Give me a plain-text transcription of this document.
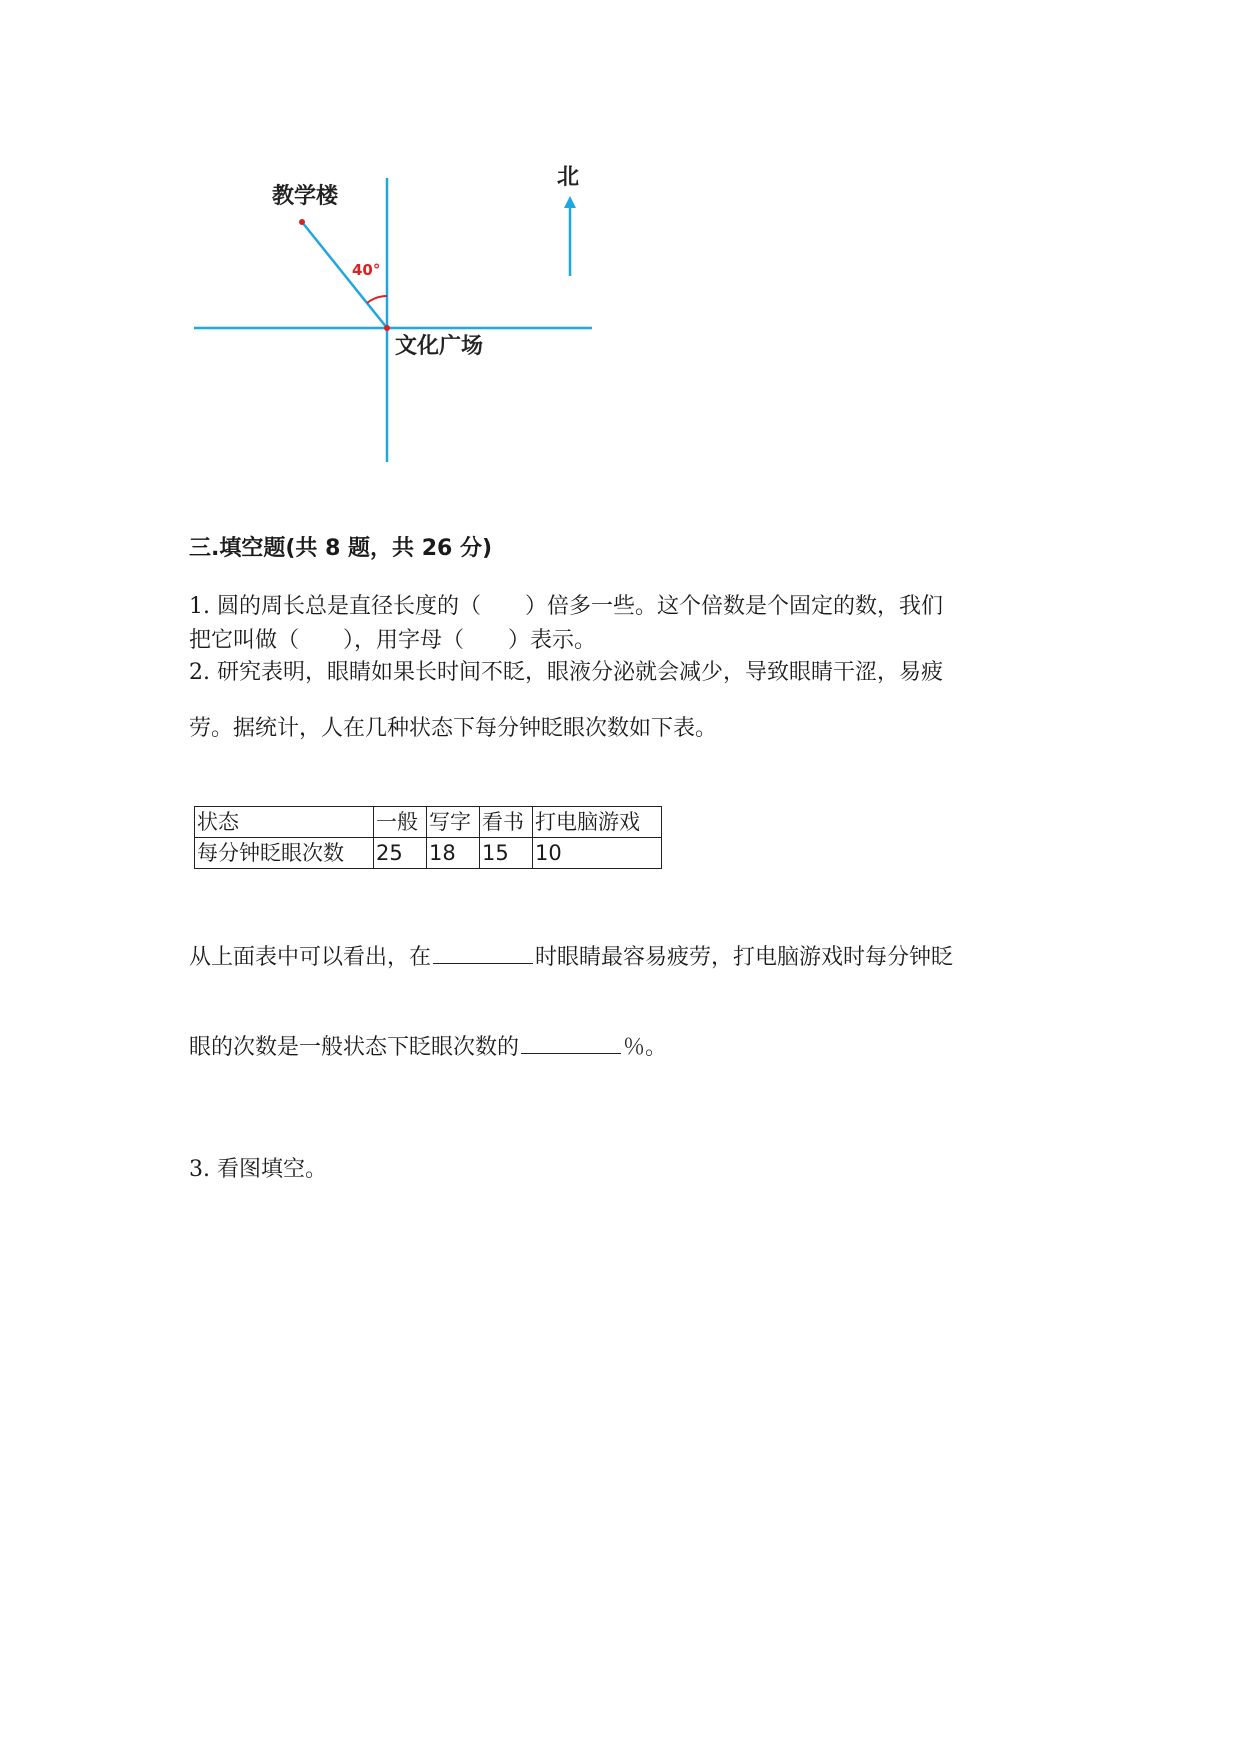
教学楼
北
40°
文化广场
三.填空题(共 8 题，共 26 分)
1. 圆的周长总是直径长度的（　　）倍多一些。这个倍数是个固定的数，我们
把它叫做（　　），用字母（　　）表示。
2. 研究表明，眼睛如果长时间不眨，眼液分泌就会减少，导致眼睛干涩，易疲
劳。据统计，人在几种状态下每分钟眨眼次数如下表。
状态	一般	写字	看书	打电脑游戏
每分钟眨眼次数	25	18	15	10
从上面表中可以看出，在	时眼睛最容易疲劳，打电脑游戏时每分钟眨
眼的次数是一般状态下眨眼次数的	％。
3. 看图填空。
